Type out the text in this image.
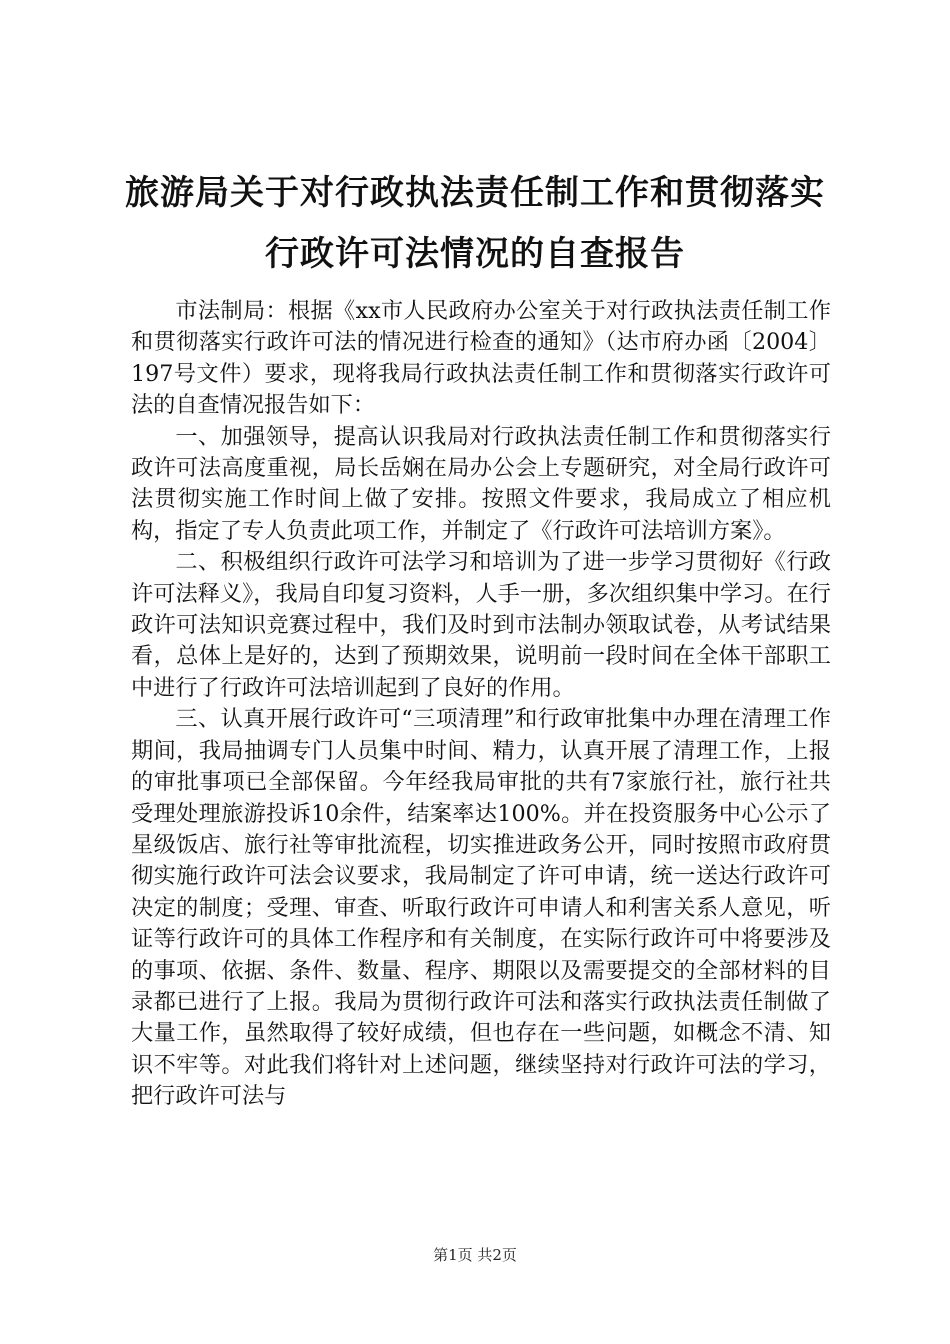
旅游局关于对行政执法责任制工作和贯彻落实
行政许可法情况的自查报告

市法制局：根据《xx市人民政府办公室关于对行政执法责任制工作和贯彻落实行政许可法的情况进行检查的通知》（达市府办函〔2004〕197号文件）要求，现将我局行政执法责任制工作和贯彻落实行政许可法的自查情况报告如下：

一、加强领导，提高认识我局对行政执法责任制工作和贯彻落实行政许可法高度重视，局长岳娴在局办公会上专题研究，对全局行政许可法贯彻实施工作时间上做了安排。按照文件要求，我局成立了相应机构，指定了专人负责此项工作，并制定了《行政许可法培训方案》。

二、积极组织行政许可法学习和培训为了进一步学习贯彻好《行政许可法释义》，我局自印复习资料，人手一册，多次组织集中学习。在行政许可法知识竞赛过程中，我们及时到市法制办领取试卷，从考试结果看，总体上是好的，达到了预期效果，说明前一段时间在全体干部职工中进行了行政许可法培训起到了良好的作用。

三、认真开展行政许可“三项清理”和行政审批集中办理在清理工作期间，我局抽调专门人员集中时间、精力，认真开展了清理工作，上报的审批事项已全部保留。今年经我局审批的共有7家旅行社，旅行社共受理处理旅游投诉10余件，结案率达100%。并在投资服务中心公示了星级饭店、旅行社等审批流程，切实推进政务公开，同时按照市政府贯彻实施行政许可法会议要求，我局制定了许可申请，统一送达行政许可决定的制度；受理、审查、听取行政许可申请人和利害关系人意见，听证等行政许可的具体工作程序和有关制度，在实际行政许可中将要涉及的事项、依据、条件、数量、程序、期限以及需要提交的全部材料的目录都已进行了上报。我局为贯彻行政许可法和落实行政执法责任制做了大量工作，虽然取得了较好成绩，但也存在一些问题，如概念不清、知识不牢等。对此我们将针对上述问题，继续坚持对行政许可法的学习，把行政许可法与

第1页 共2页
